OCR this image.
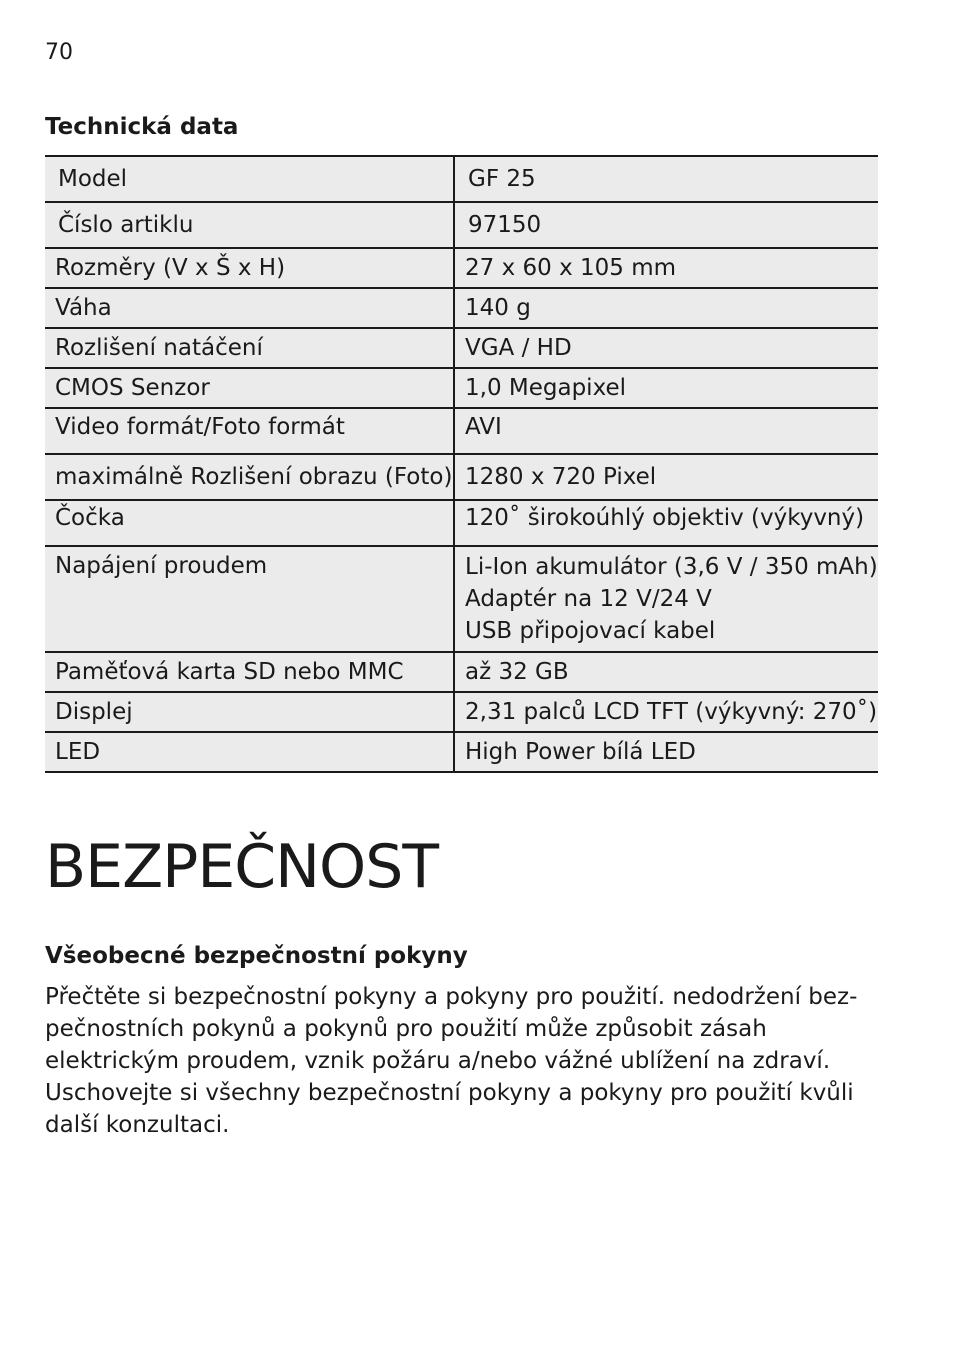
70
Technická data
Model	GF 25
Číslo artiklu	97150
Rozměry (V x Š x H)	27 x 60 x 105 mm
Váha	140 g
Rozlišení natáčení	VGA / HD
CMOS Senzor	1,0 Megapixel
Video formát/Foto formát	AVI
maximálně Rozlišení obrazu (Foto)	1280 x 720 Pixel
Čočka	120˚ širokoúhlý objektiv (výkyvný)
Napájení proudem	Li-Ion akumulátor (3,6 V / 350 mAh)
Adaptér na 12 V/24 V
USB připojovací kabel

Paměťová karta SD nebo MMC	až 32 GB
Displej	2,31 palců LCD TFT (výkyvný: 270˚)
LED	High Power bílá LED
BEZPEČNOST
Všeobecné bezpečnostní pokyny
Přečtěte si bezpečnostní pokyny a pokyny pro použití. nedodržení bez-
pečnostních pokynů a pokynů pro použití může způsobit zásah
elektrickým proudem, vznik požáru a/nebo vážné ublížení na zdraví.
Uschovejte si všechny bezpečnostní pokyny a pokyny pro použití kvůli
další konzultaci.
